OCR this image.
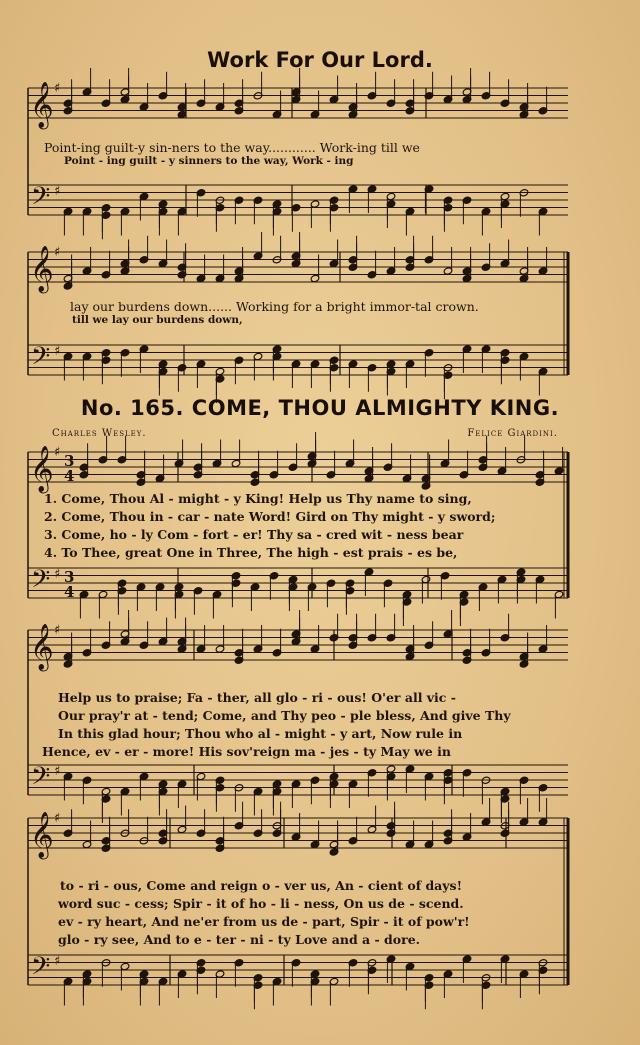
𝄞
𝄢
♯
♯
𝄞
𝄢
♯
♯
𝄞
𝄢
♯
♯
3
4
3
4
𝄞
𝄢
♯
♯
𝄞
𝄢
♯
♯
Work For Our Lord.
Point-ing guilt-y sin-ners to the way............ Work-ing till we
Point - ing guilt - y sinners to the way, Work - ing
lay our burdens down...... Working for a bright immor-tal crown.
till we lay our burdens down,
No. 165. COME, THOU ALMIGHTY KING.
Charles Wesley.	Felice Giardini.
1. Come, Thou Al - might - y King! Help us Thy name to sing,
2. Come, Thou in - car - nate Word! Gird on Thy might - y sword;
3. Come, ho - ly Com - fort - er! Thy sa - cred wit - ness bear
4. To Thee, great One in Three, The high - est prais - es be,
Help us to praise; Fa - ther, all glo - ri - ous! O'er all vic -
Our pray'r at - tend; Come, and Thy peo - ple bless, And give Thy
In this glad hour; Thou who al - might - y art, Now rule in
Hence, ev - er - more! His sov'reign ma - jes - ty May we in
to - ri - ous, Come and reign o - ver us, An - cient of days!
word suc - cess; Spir - it of ho - li - ness, On us de - scend.
ev - ry heart, And ne'er from us de - part, Spir - it of pow'r!
glo - ry see, And to e - ter - ni - ty Love and a - dore.
